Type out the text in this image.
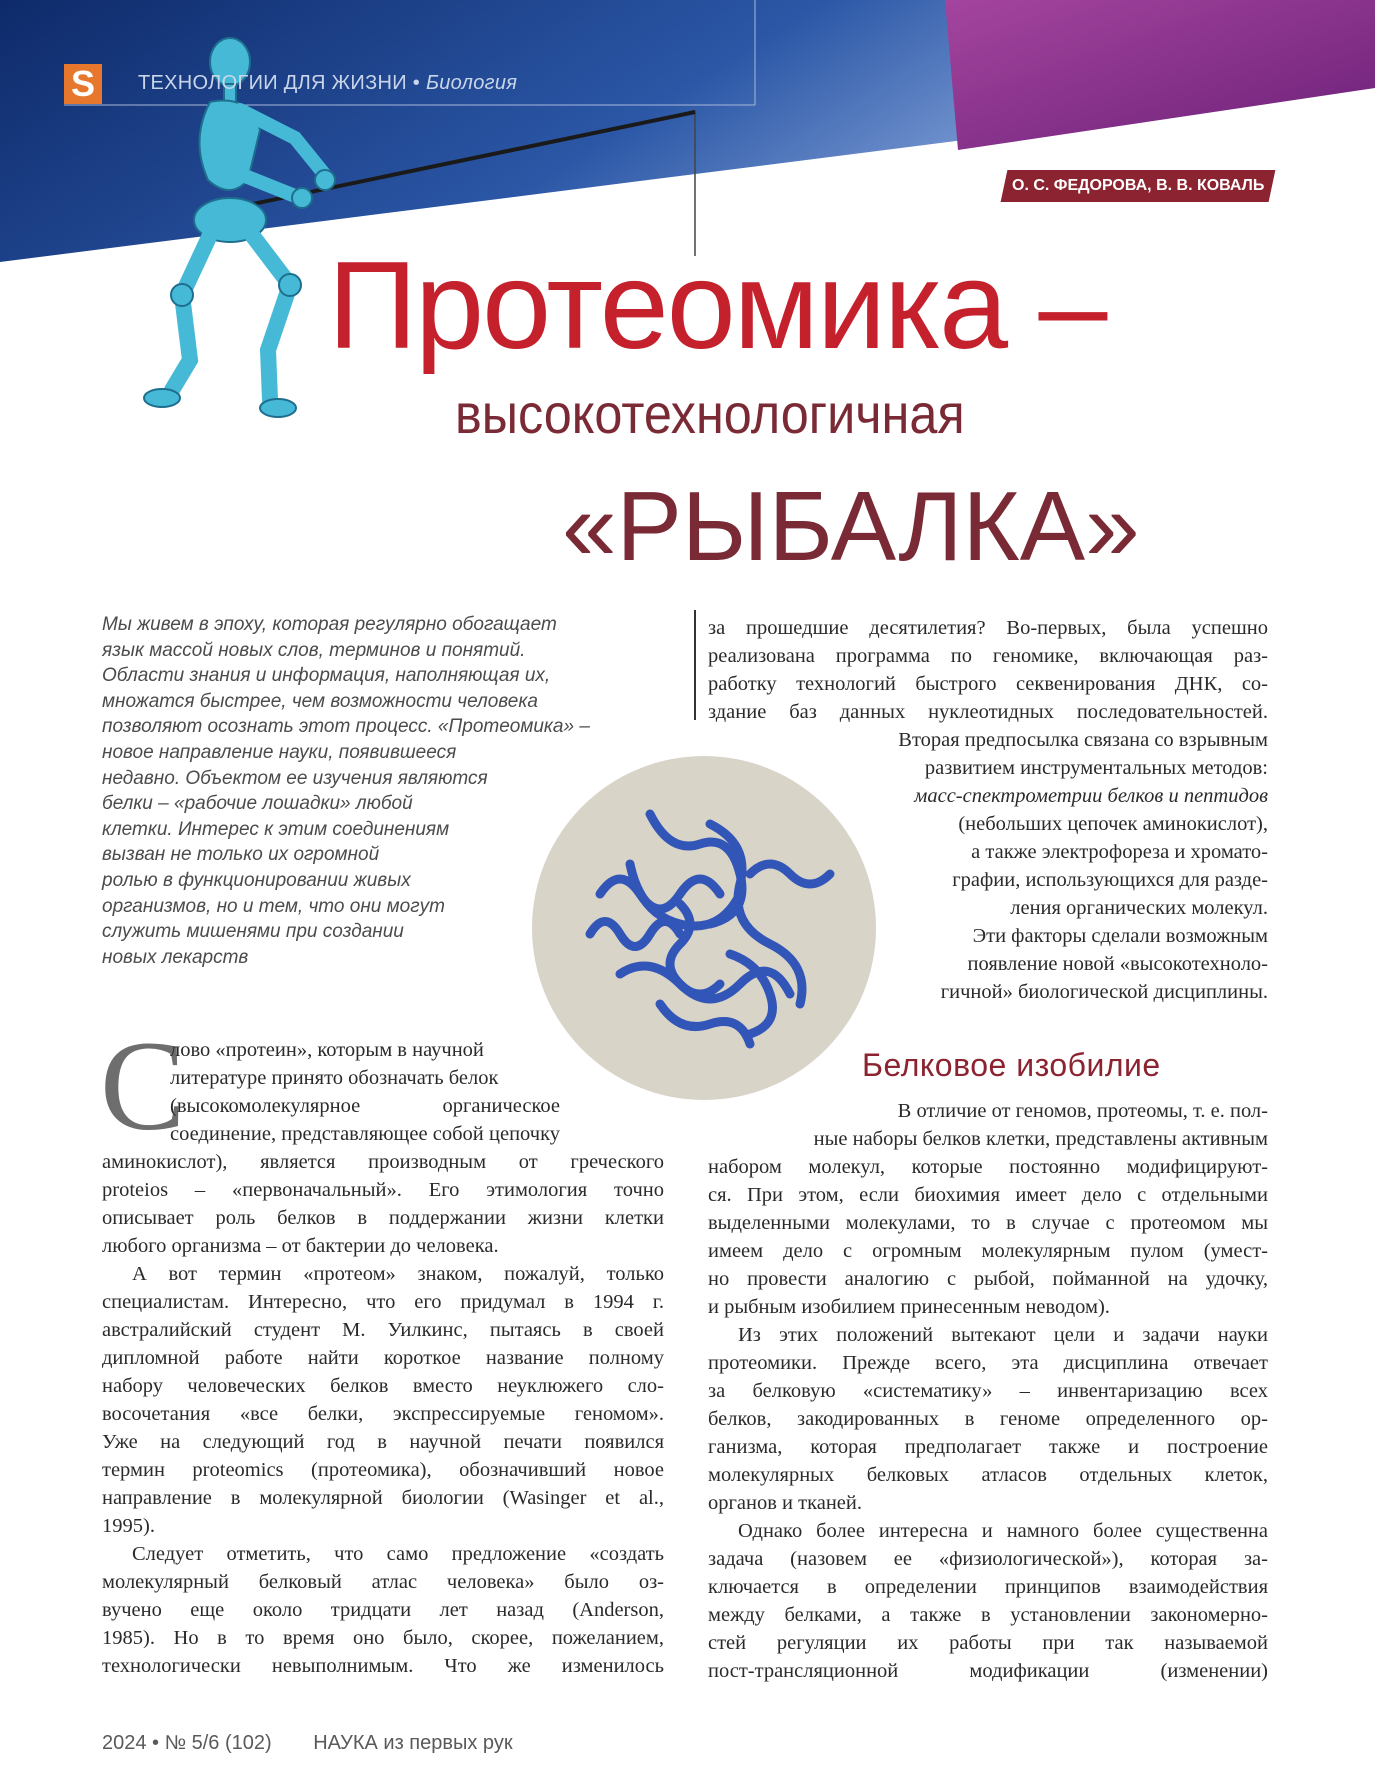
S	ТЕХНОЛОГИИ ДЛЯ ЖИЗНИ • Биология
О. С. ФЕДОРОВА, В. В. КОВАЛЬ
Протеомика –
высокотехнологичная
«РЫБАЛКА»
Мы живем в эпоху, которая регулярно обогащает
язык массой новых слов, терминов и понятий.
Области знания и информация, наполняющая их,
множатся быстрее, чем возможности человека
позволяют осознать этот процесс. «Протеомика» –
новое направление науки, появившееся
недавно. Объектом ее изучения являются
белки – «рабочие лошадки» любой
клетки. Интерес к этим соединениям
вызван не только их огромной
ролью в функционировании живых
организмов, но и тем, что они могут
служить мишенями при создании
новых лекарств
за прошедшие десятилетия? Во-первых, была успешно
реализована программа по геномике, включающая раз-
работку технологий быстрого секвенирования ДНК, со-
здание баз данных нуклеотидных последовательностей.
Вторая предпосылка связана со взрывным
развитием инструментальных методов:
масс-спектрометрии белков и пептидов
(небольших цепочек аминокислот),
а также электрофореза и хромато-
графии, использующихся для разде-
ления органических молекул.
Эти факторы сделали возможным
появление новой «высокотехноло-
гичной» биологической дисциплины.
Белковое изобилие
В отличие от геномов, протеомы, т. е. пол-
ные наборы белков клетки, представлены активным
набором молекул, которые постоянно модифицируют-
ся. При этом, если биохимия имеет дело с отдельными
выделенными молекулами, то в случае с протеомом мы
имеем дело с огромным молекулярным пулом (умест-
но провести аналогию с рыбой, пойманной на удочку,
и рыбным изобилием принесенным неводом).
Из этих положений вытекают цели и задачи науки
протеомики. Прежде всего, эта дисциплина отвечает
за белковую «систематику» – инвентаризацию всех
белков, закодированных в геноме определенного ор-
ганизма, которая предполагает также и построение
молекулярных белковых атласов отдельных клеток,
органов и тканей.
Однако более интересна и намного более существенна
задача (назовем ее «физиологической»), которая за-
ключается в определении принципов взаимодействия
между белками, а также в установлении закономерно-
стей регуляции их работы при так называемой
пост-трансляционной модификации (изменении)
С
лово «протеин», которым в научной
литературе принято обозначать белок
(высокомолекулярное органическое
соединение, представляющее собой цепочку
аминокислот), является производным от греческого
proteios – «первоначальный». Его этимология точно
описывает роль белков в поддержании жизни клетки
любого организма – от бактерии до человека.
А вот термин «протеом» знаком, пожалуй, только
специалистам. Интересно, что его придумал в 1994 г.
австралийский студент М. Уилкинс, пытаясь в своей
дипломной работе найти короткое название полному
набору человеческих белков вместо неуклюжего сло-
восочетания «все белки, экспрессируемые геномом».
Уже на следующий год в научной печати появился
термин proteomics (протеомика), обозначивший новое
направление в молекулярной биологии (Wasinger et al.,
1995).
Следует отметить, что само предложение «создать
молекулярный белковый атлас человека» было оз-
вучено еще около тридцати лет назад (Anderson,
1985). Но в то время оно было, скорее, пожеланием,
технологически невыполнимым. Что же изменилось
2024 • № 5/6 (102) НАУКА из первых рук
